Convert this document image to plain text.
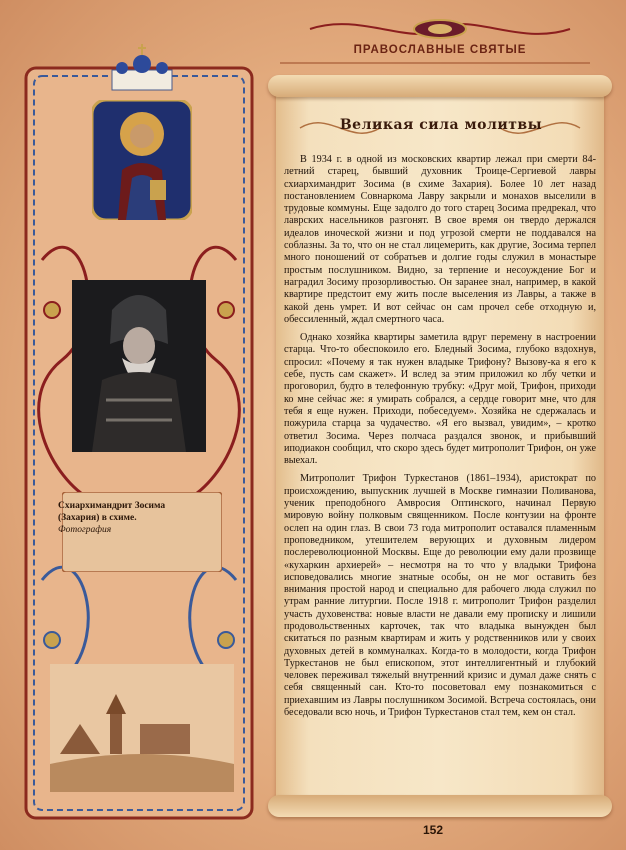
ПРАВОСЛАВНЫЕ СВЯТЫЕ
Схиархимандрит Зосима (Захария) в схиме.
Фотография
Великая сила молитвы

В 1934 г. в одной из московских квартир лежал при смерти 84-летний старец, бывший духовник Троице-Сергиевой лавры схиархимандрит Зосима (в схиме Захария). Более 10 лет назад постановлением Совнаркома Лавру закрыли и монахов выселили в трудовые коммуны. Еще задолго до того старец Зосима предрекал, что лаврских насельников разгонят. В свое время он твердо держался идеалов иноческой жизни и под угрозой смерти не поддавался на соблазны. За то, что он не стал лицемерить, как другие, Зосима терпел много поношений от собратьев и долгие годы служил в монастыре простым послушником. Видно, за терпение и несоуждение Бог и наградил Зосиму прозорливостью. Он заранее знал, например, в какой квартире предстоит ему жить после выселения из Лавры, а также в какой день умрет. И вот сейчас он сам прочел себе отходную и, обессиленный, ждал смертного часа.

Однако хозяйка квартиры заметила вдруг перемену в настроении старца. Что-то обеспокоило его. Бледный Зосима, глубоко вздохнув, спросил: «Почему я так нужен владыке Трифону? Вызову-ка я его к себе, пусть сам скажет». И вслед за этим приложил ко лбу четки и проговорил, будто в телефонную трубку: «Друг мой, Трифон, приходи ко мне сейчас же: я умирать собрался, а сердце говорит мне, что для тебя я еще нужен. Приходи, побеседуем». Хозяйка не сдержалась и пожурила старца за чудачество. «Я его вызвал, увидим», – кротко ответил Зосима. Через полчаса раздался звонок, и прибывший иподиакон сообщил, что скоро здесь будет митрополит Трифон, он уже выехал.

Митрополит Трифон Туркестанов (1861–1934), аристократ по происхождению, выпускник лучшей в Москве гимназии Поливанова, ученик преподобного Амвросия Оптинского, начинал Первую мировую войну полковым священником. После контузии на фронте ослеп на один глаз. В свои 73 года митрополит оставался пламенным проповедником, утешителем верующих и духовным лидером послереволюционной Москвы. Еще до революции ему дали прозвище «кухаркин архиерей» – несмотря на то что у владыки Трифона исповедовались многие знатные особы, он не мог оставить без внимания простой народ и специально для рабочего люда служил по утрам ранние литургии. После 1918 г. митрополит Трифон разделил участь духовенства: новые власти не давали ему прописку и лишили продовольственных карточек, так что владыка вынужден был скитаться по разным квартирам и жить у родственников или у своих духовных детей в коммуналках. Когда-то в молодости, когда Трифон Туркестанов не был епископом, этот интеллигентный и глубокий человек переживал тяжелый внутренний кризис и думал даже снять с себя священный сан. Кто-то посоветовал ему познакомиться с приехавшим из Лавры послушником Зосимой. Встреча состоялась, они беседовали всю ночь, и Трифон Туркестанов стал тем, кем он стал.

152
